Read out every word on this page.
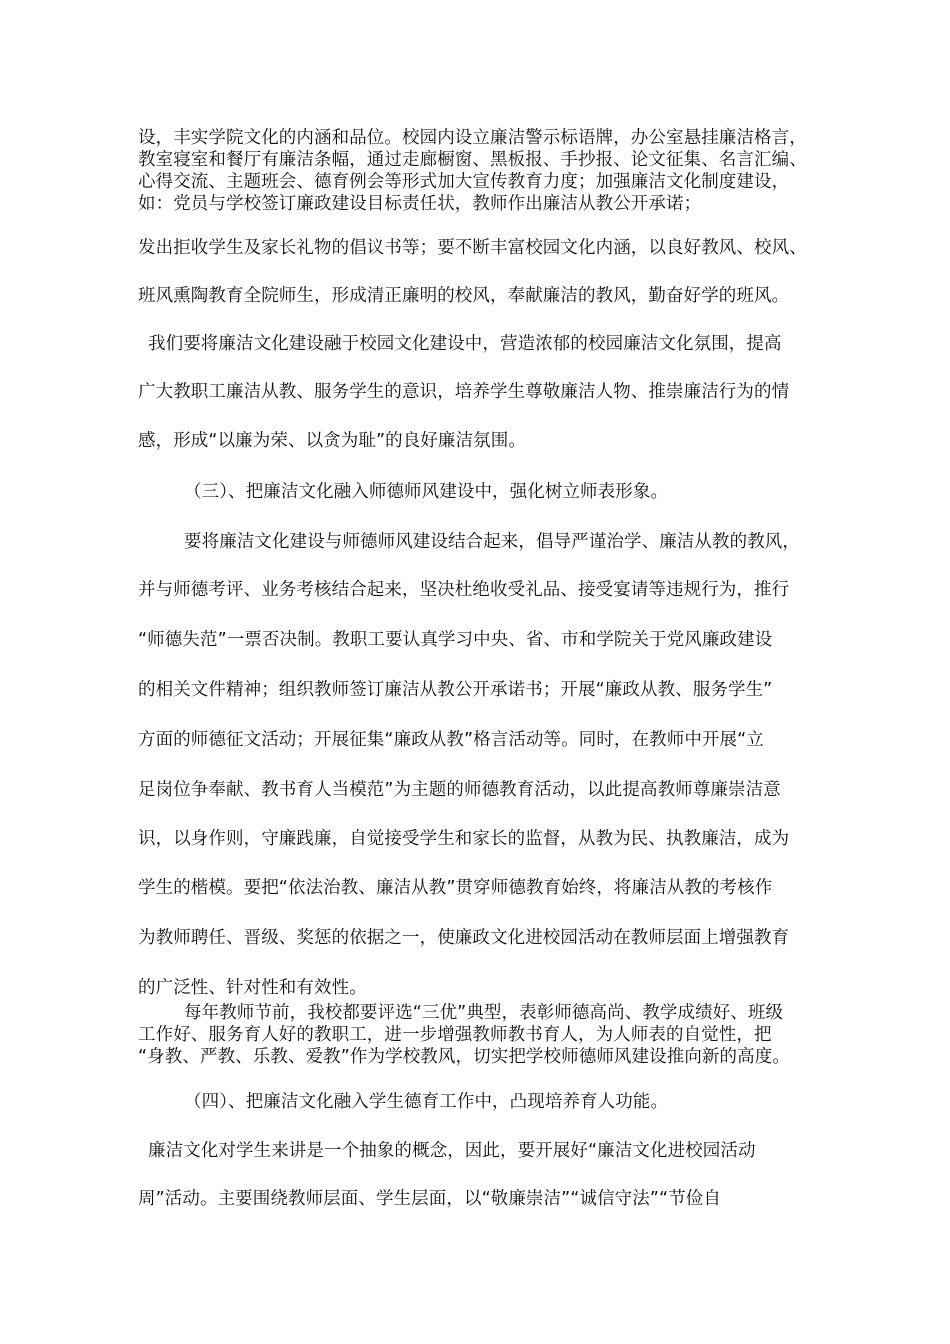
设，丰实学院文化的内涵和品位。校园内设立廉洁警示标语牌，办公室悬挂廉洁格言，
教室寝室和餐厅有廉洁条幅，通过走廊橱窗、黑板报、手抄报、论文征集、名言汇编、
心得交流、主题班会、德育例会等形式加大宣传教育力度；加强廉洁文化制度建设，
如：党员与学校签订廉政建设目标责任状，教师作出廉洁从教公开承诺；
发出拒收学生及家长礼物的倡议书等；要不断丰富校园文化内涵，以良好教风、校风、
班风熏陶教育全院师生，形成清正廉明的校风，奉献廉洁的教风，勤奋好学的班风。
我们要将廉洁文化建设融于校园文化建设中，营造浓郁的校园廉洁文化氛围，提高
广大教职工廉洁从教、服务学生的意识，培养学生尊敬廉洁人物、推崇廉洁行为的情
感，形成“以廉为荣、以贪为耻”的良好廉洁氛围。
（三）、把廉洁文化融入师德师风建设中，强化树立师表形象。
要将廉洁文化建设与师德师风建设结合起来，倡导严谨治学、廉洁从教的教风，
并与师德考评、业务考核结合起来，坚决杜绝收受礼品、接受宴请等违规行为，推行
“师德失范”一票否决制。教职工要认真学习中央、省、市和学院关于党风廉政建设
的相关文件精神；组织教师签订廉洁从教公开承诺书；开展“廉政从教、服务学生”
方面的师德征文活动；开展征集“廉政从教”格言活动等。同时，在教师中开展“立
足岗位争奉献、教书育人当模范”为主题的师德教育活动，以此提高教师尊廉崇洁意
识，以身作则，守廉践廉，自觉接受学生和家长的监督，从教为民、执教廉洁，成为
学生的楷模。要把“依法治教、廉洁从教”贯穿师德教育始终，将廉洁从教的考核作
为教师聘任、晋级、奖惩的依据之一，使廉政文化进校园活动在教师层面上增强教育
的广泛性、针对性和有效性。
每年教师节前，我校都要评选“三优”典型，表彰师德高尚、教学成绩好、班级
工作好、服务育人好的教职工，进一步增强教师教书育人，为人师表的自觉性，把
“身教、严教、乐教、爱教”作为学校教风，切实把学校师德师风建设推向新的高度。
（四）、把廉洁文化融入学生德育工作中，凸现培养育人功能。
廉洁文化对学生来讲是一个抽象的概念，因此，要开展好“廉洁文化进校园活动
周”活动。主要围绕教师层面、学生层面，以“敬廉崇洁”“诚信守法”“节俭自
